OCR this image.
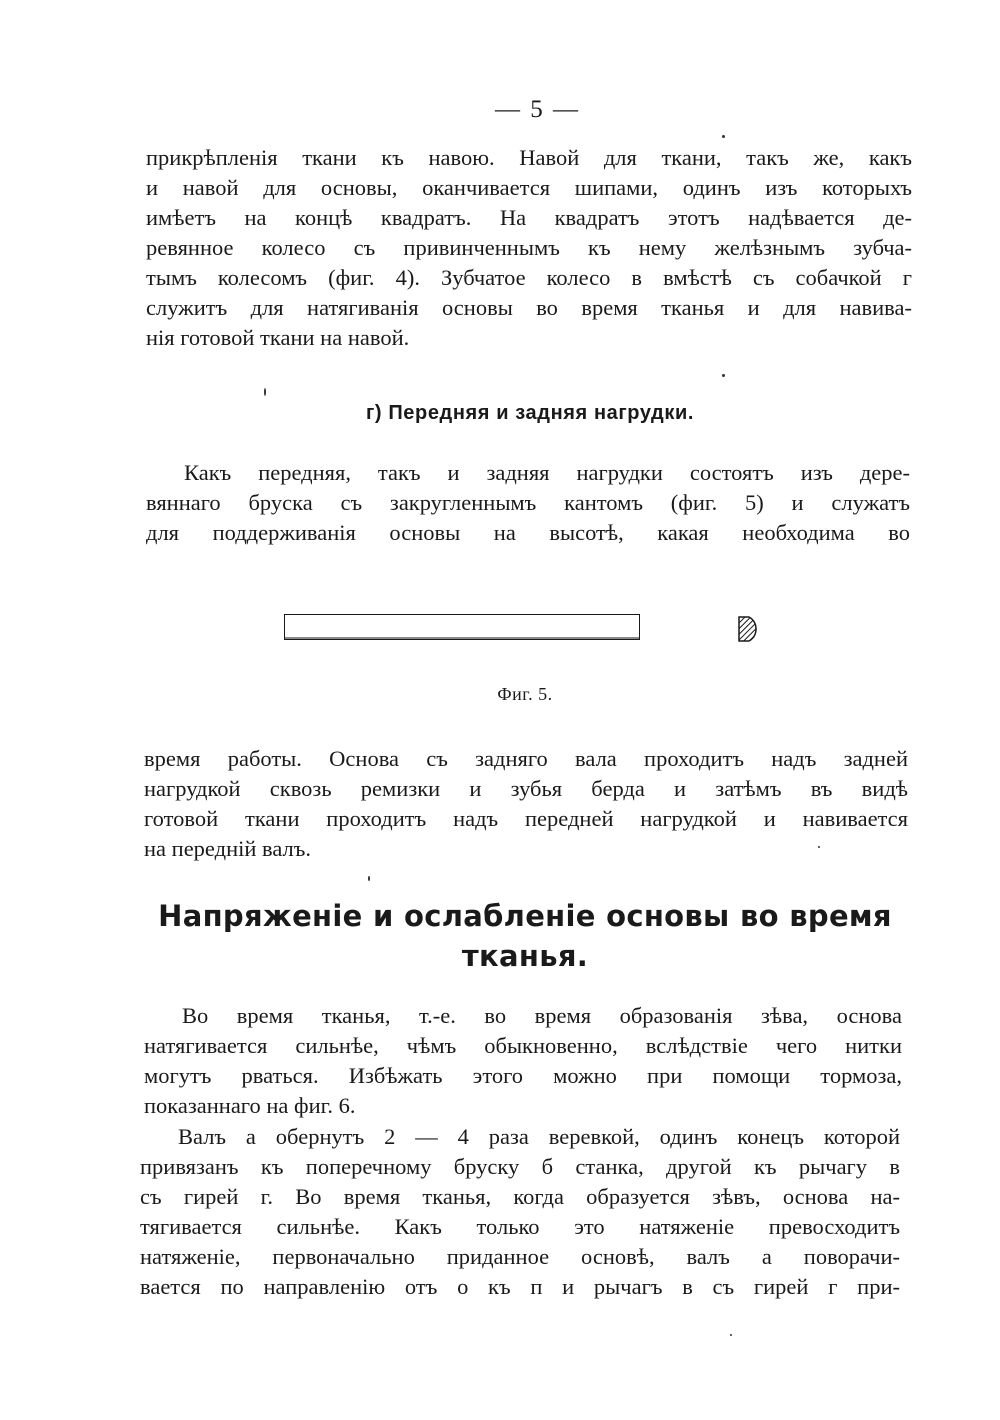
— 5 —
прикрѣпленія ткани къ навою. Навой для ткани, такъ же, какъ
и навой для основы, оканчивается шипами, одинъ изъ которыхъ
имѣетъ на концѣ квадратъ. На квадратъ этотъ надѣвается де-
ревянное колесо съ привинченнымъ къ нему желѣзнымъ зубча-
тымъ колесомъ (фиг. 4). Зубчатое колесо в вмѣстѣ съ собачкой г
служитъ для натягиванія основы во время тканья и для навива-
нія готовой ткани на навой.
г) Передняя и задняя нагрудки.
Какъ передняя, такъ и задняя нагрудки состоятъ изъ дере-
вяннаго бруска съ закругленнымъ кантомъ (фиг. 5) и служатъ
для поддерживанія основы на высотѣ, какая необходима во
Фиг. 5.
время работы. Основа съ задняго вала проходитъ надъ задней
нагрудкой сквозь ремизки и зубья берда и затѣмъ въ видѣ
готовой ткани проходитъ надъ передней нагрудкой и навивается
на передній валъ.
Напряженіе и ослабленіе основы во время
тканья.
Во время тканья, т.-е. во время образованія зѣва, основа
натягивается сильнѣе, чѣмъ обыкновенно, вслѣдствіе чего нитки
могутъ рваться. Избѣжать этого можно при помощи тормоза,
показаннаго на фиг. 6.
Валъ а обернутъ 2 — 4 раза веревкой, одинъ конецъ которой
привязанъ къ поперечному бруску б станка, другой къ рычагу в
съ гирей г. Во время тканья, когда образуется зѣвъ, основа на-
тягивается сильнѣе. Какъ только это натяженіе превосходитъ
натяженіе, первоначально приданное основѣ, валъ а поворачи-
вается по направленію отъ о къ п и рычагъ в съ гирей г при-
